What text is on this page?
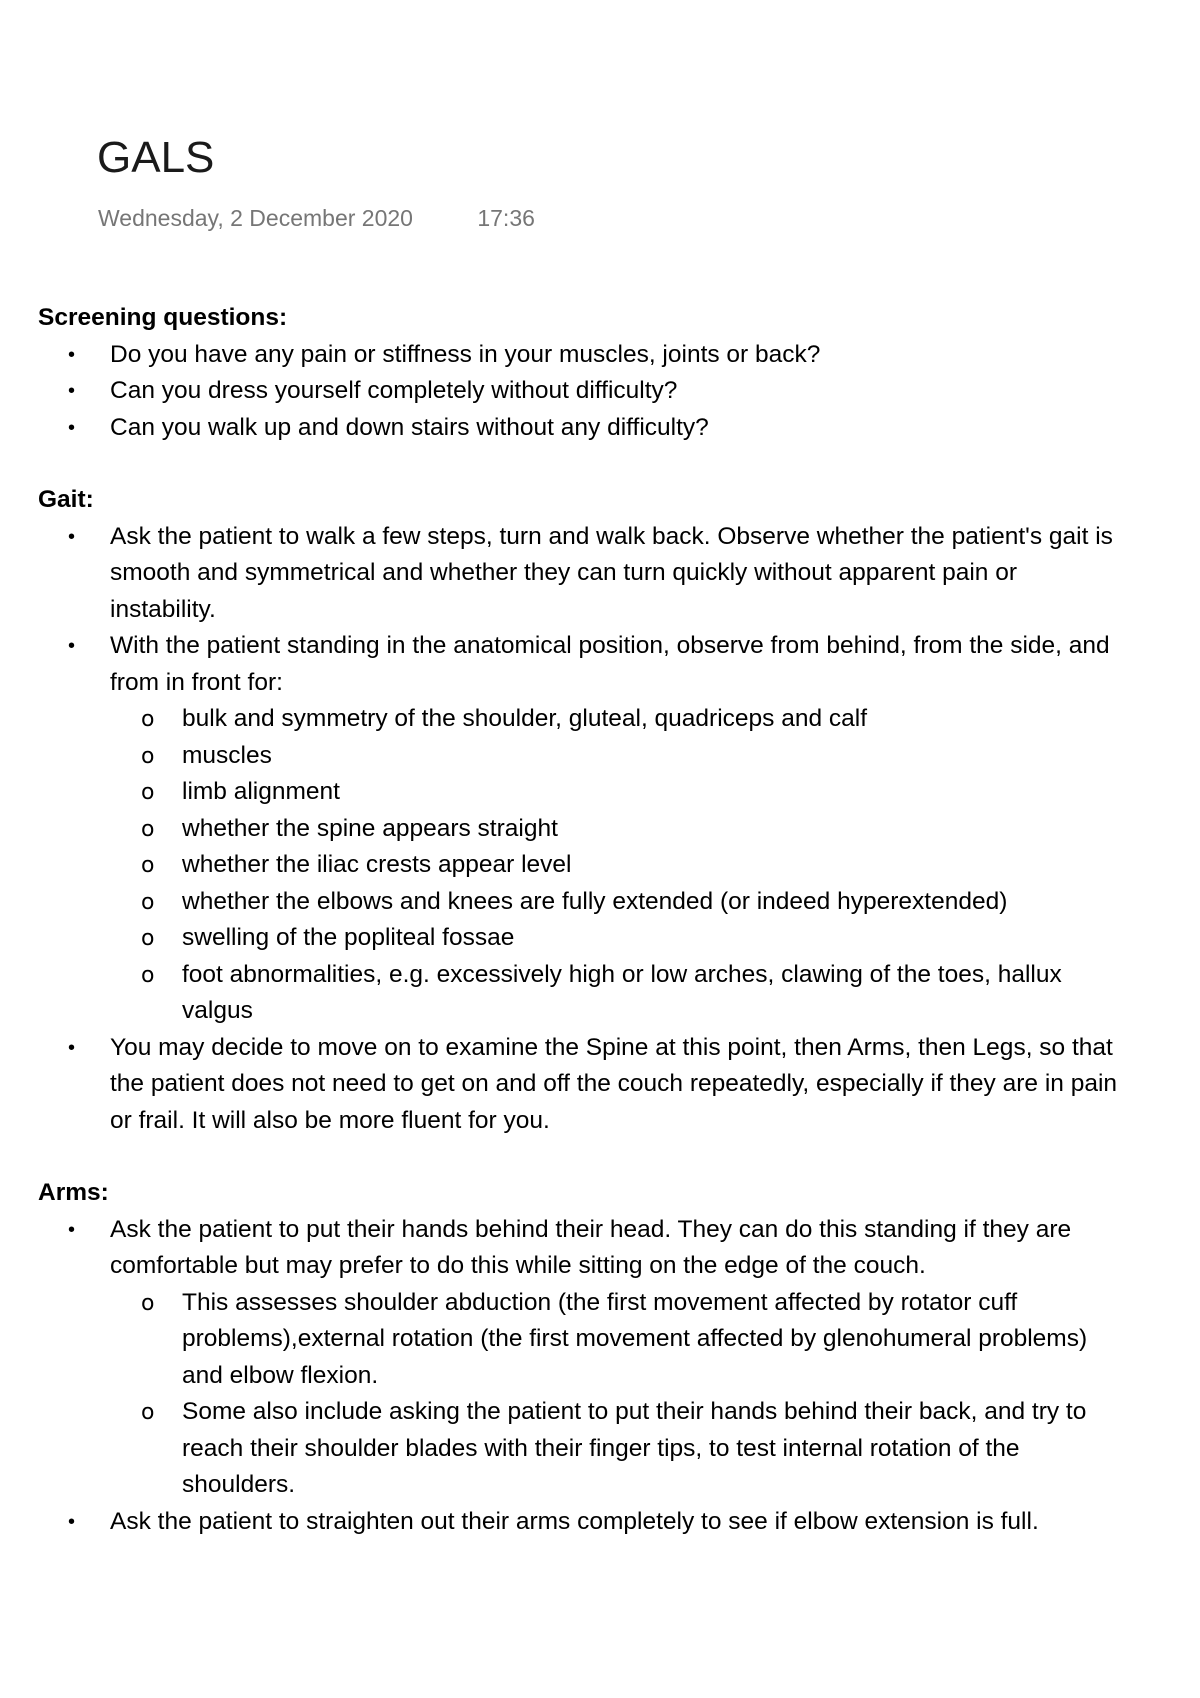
GALS
Wednesday, 2 December 2020	17:36

Screening questions:

• Do you have any pain or stiffness in your muscles, joints or back?
• Can you dress yourself completely without difficulty?
• Can you walk up and down stairs without any difficulty?

Gait:

• Ask the patient to walk a few steps, turn and walk back. Observe whether the patient's gait is smooth and symmetrical and whether they can turn quickly without apparent pain or instability.
• With the patient standing in the anatomical position, observe from behind, from the side, and from in front for:
o bulk and symmetry of the shoulder, gluteal, quadriceps and calf
o muscles
o limb alignment
o whether the spine appears straight
o whether the iliac crests appear level
o whether the elbows and knees are fully extended (or indeed hyperextended)
o swelling of the popliteal fossae
o foot abnormalities, e.g. excessively high or low arches, clawing of the toes, hallux valgus
• You may decide to move on to examine the Spine at this point, then Arms, then Legs, so that the patient does not need to get on and off the couch repeatedly, especially if they are in pain or frail. It will also be more fluent for you.

Arms:

• Ask the patient to put their hands behind their head. They can do this standing if they are comfortable but may prefer to do this while sitting on the edge of the couch.
o This assesses shoulder abduction (the first movement affected by rotator cuff problems),external rotation (the first movement affected by glenohumeral problems) and elbow flexion.
o Some also include asking the patient to put their hands behind their back, and try to reach their shoulder blades with their finger tips, to test internal rotation of the shoulders.
• Ask the patient to straighten out their arms completely to see if elbow extension is full.
